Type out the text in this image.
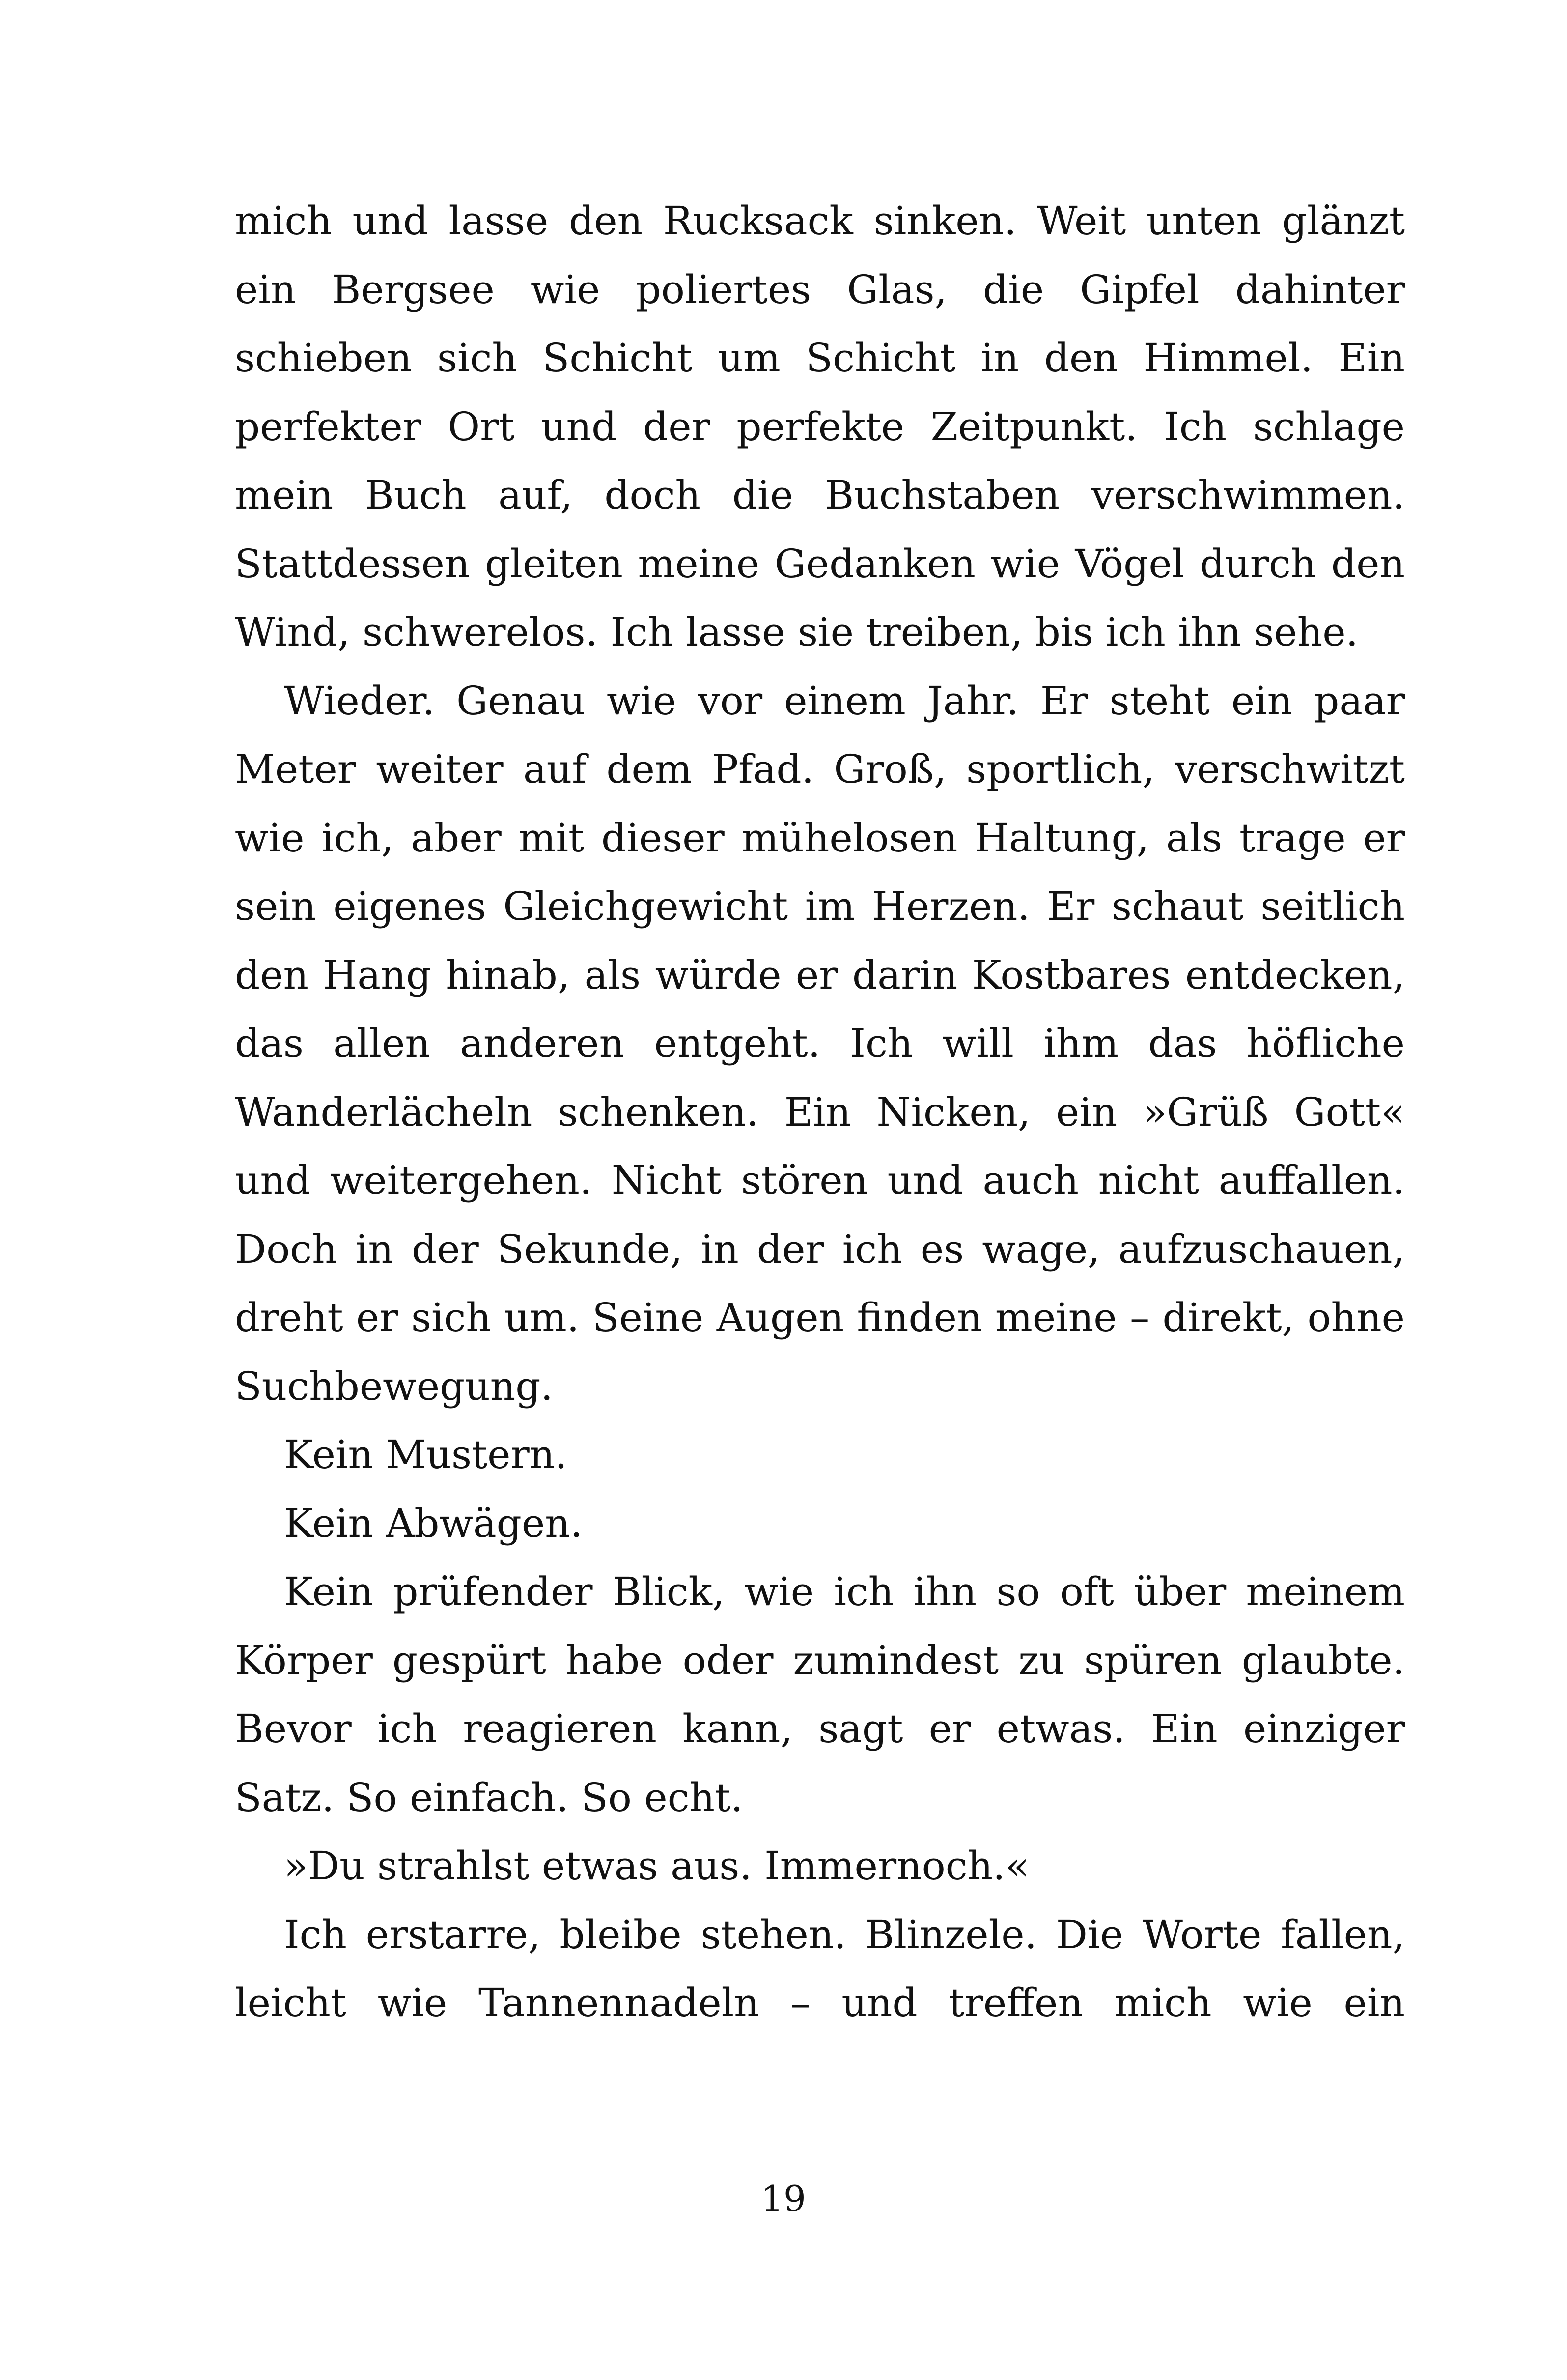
mich und lasse den Rucksack sinken. Weit unten glänzt ein Bergsee wie poliertes Glas, die Gipfel dahinter schieben sich Schicht um Schicht in den Himmel. Ein perfekter Ort und der perfekte Zeitpunkt. Ich schlage mein Buch auf, doch die Buchstaben verschwimmen. Stattdessen gleiten meine Gedanken wie Vögel durch den Wind, schwerelos. Ich lasse sie treiben, bis ich ihn sehe.

Wieder. Genau wie vor einem Jahr. Er steht ein paar Meter weiter auf dem Pfad. Groß, sportlich, verschwitzt wie ich, aber mit dieser mühelosen Haltung, als trage er sein eigenes Gleichgewicht im Herzen. Er schaut seitlich den Hang hinab, als würde er darin Kostbares entdecken, das allen anderen entgeht. Ich will ihm das höfliche Wanderlächeln schenken. Ein Nicken, ein »Grüß Gott« und weitergehen. Nicht stören und auch nicht auffallen. Doch in der Sekunde, in der ich es wage, aufzuschauen, dreht er sich um. Seine Augen finden meine – direkt, ohne Suchbewegung.

Kein Mustern.

Kein Abwägen.

Kein prüfender Blick, wie ich ihn so oft über meinem Körper gespürt habe oder zumindest zu spüren glaubte. Bevor ich reagieren kann, sagt er etwas. Ein einziger Satz. So einfach. So echt.

»Du strahlst etwas aus. Immernoch.«

Ich erstarre, bleibe stehen. Blinzele. Die Worte fallen, leicht wie Tannennadeln – und treffen mich wie ein

19
